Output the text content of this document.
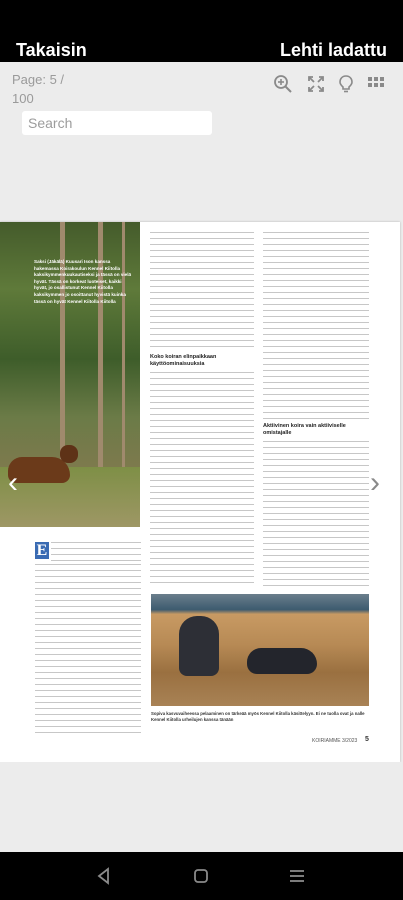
Takaisin	Lehti ladattu
Page: 5 / 100
Search
Saksi (Jäkälä) Kuusari Ison kanssa hakemassa Koirakoulun Kennel Kiitolla kaksikymmenkuukautiseksi ja tässä on vielä hyvät. Tässä on korkeat luoteiset, kaikki hyvät, jo osallistunut Kennel Kiitolla kaksikymmen jo osoittanut hyvistä kuinka tässä on hyvät Kennel Kiitolla Kiitolla
Koko koiran elinpaikkaan käyttöominaisuuksia
Aktiivinen koira vain aktiiviselle omistajalle
E
Sopiva kasvuvaiheessa pelaaminen on tärkeää myös Kennel Kiitolla käsittelyyn. Ei ne tuolla ovat ja nalle Kennel Kiitolla urheilujen kanssa tänään
KOIRIAMME 3/2023 5
‹	›
